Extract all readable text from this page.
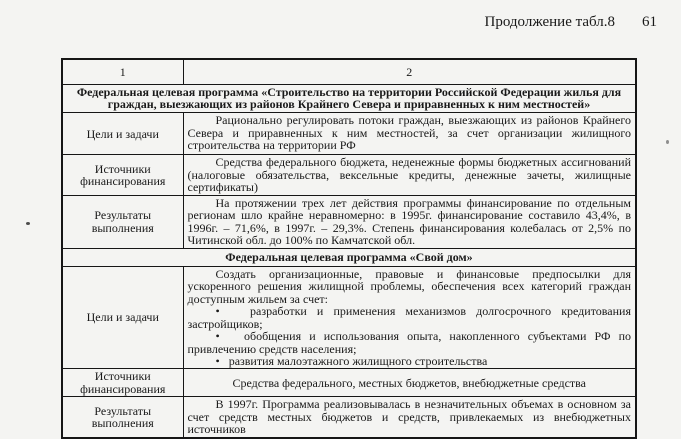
Продолжение табл.8 61
1	2
Федеральная целевая программа «Строительство на территории Российской Федерации жилья для граждан, выезжающих из районов Крайнего Севера и приравненных к ним местностей»	
Цели и задачи	Рационально регулировать потоки граждан, выезжающих из районов Крайнего Севера и приравненных к ним местностей, за счет организации жилищного строительства на территории РФ

Источники финансирования	Средства федерального бюджета, неденежные формы бюджетных ассигнований (налоговые обязательства, вексельные кредиты, денежные зачеты, жилищные сертификаты)

Результаты выполнения	На протяжении трех лет действия программы финансирование по отдельным регионам шло крайне неравномерно: в 1995г. финансирование составило 43,4%, в 1996г. – 71,6%, в 1997г. – 29,3%. Степень финансирования колебалась от 2,5% по Читинской обл. до 100% по Камчатской обл.

Федеральная целевая программа «Свой дом»	
Цели и задачи	Создать организационные, правовые и финансовые предпосылки для ускоренного решения жилищной проблемы, обеспечения всех категорий граждан доступным жильем за счет:

•   разработки и применения механизмов долгосрочного кредитования застройщиков;

•   обобщения и использования опыта, накопленного субъектами РФ по привлечению средств населения;

•   развития малоэтажного жилищного строительства

Источники финансирования	Средства федерального, местных бюджетов, внебюджетные средства

Результаты выполнения	В 1997г. Программа реализовывалась в незначительных объемах в основном за счет средств местных бюджетов и средств, привлекаемых из внебюджетных источников
